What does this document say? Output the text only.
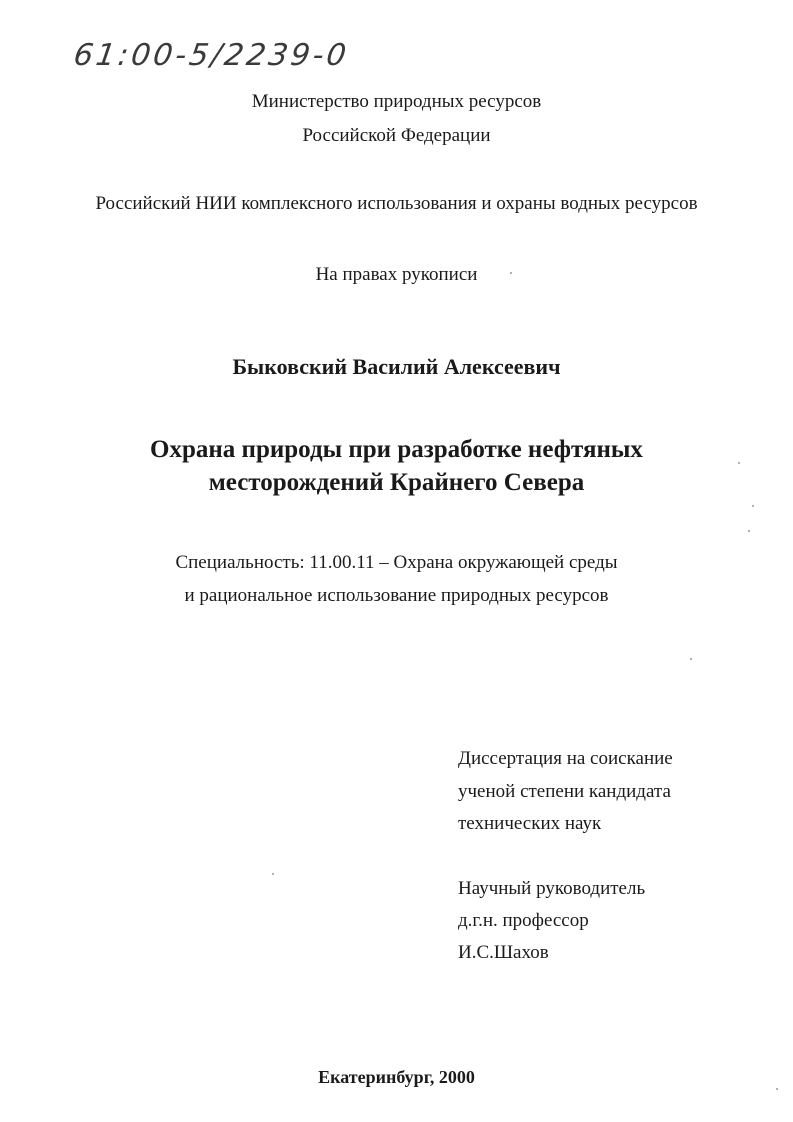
61:00-5/2239-0
Министерство природных ресурсов
Российской Федерации
Российский НИИ комплексного использования и охраны водных ресурсов
На правах рукописи
Быковский Василий Алексеевич
Охрана природы при разработке нефтяных
месторождений Крайнего Севера
Специальность: 11.00.11 – Охрана окружающей среды
и рациональное использование природных ресурсов
Диссертация на соискание
ученой степени кандидата
технических наук
Научный руководитель
д.г.н. профессор
И.С.Шахов
Екатеринбург, 2000
